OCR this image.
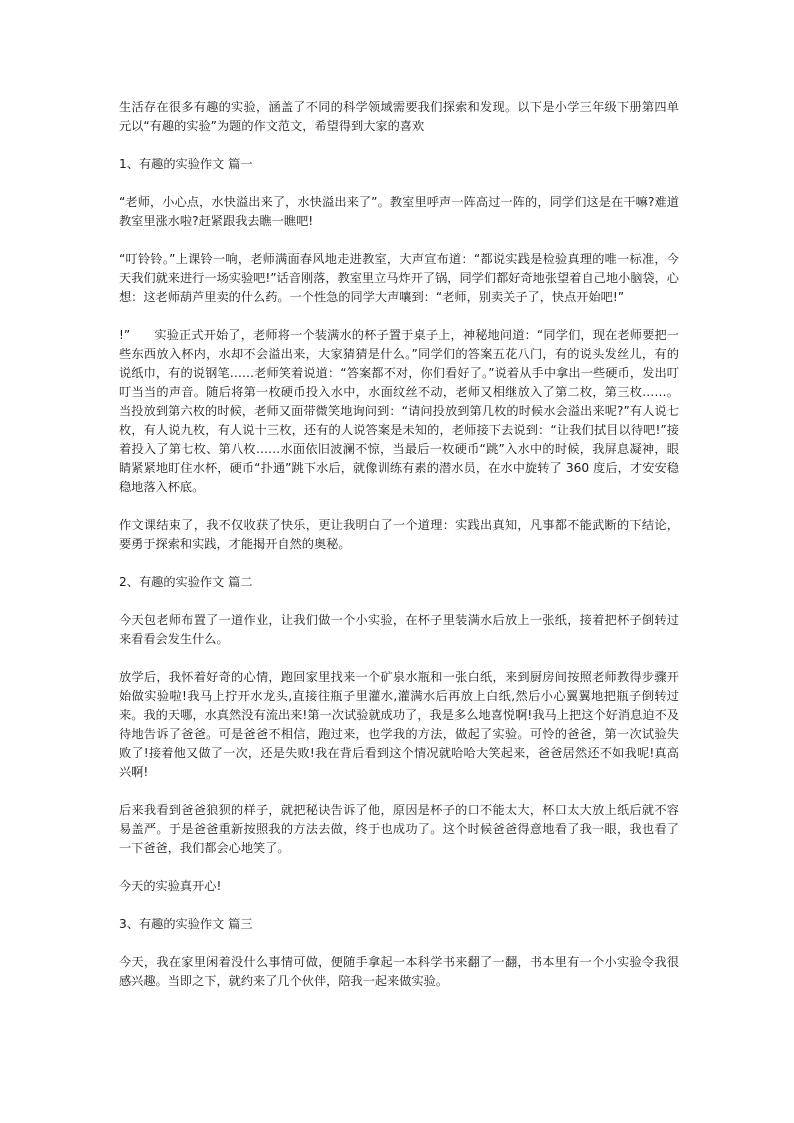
生活存在很多有趣的实验，涵盖了不同的科学领域需要我们探索和发现。以下是小学三年级下册第四单元以“有趣的实验”为题的作文范文，希望得到大家的喜欢

1、有趣的实验作文 篇一

“老师，小心点，水快溢出来了，水快溢出来了”。教室里呼声一阵高过一阵的，同学们这是在干嘛?难道教室里涨水啦?赶紧跟我去瞧一瞧吧!

“叮铃铃。”上课铃一响，老师满面春风地走进教室，大声宣布道：“都说实践是检验真理的唯一标准，今天我们就来进行一场实验吧!”话音刚落，教室里立马炸开了锅，同学们都好奇地张望着自己地小脑袋，心想：这老师葫芦里卖的什么药。一个性急的同学大声嚷到：“老师，别卖关子了，快点开始吧!”

!” 实验正式开始了，老师将一个装满水的杯子置于桌子上，神秘地问道：“同学们，现在老师要把一些东西放入杯内，水却不会溢出来，大家猜猜是什么。”同学们的答案五花八门，有的说头发丝儿，有的说纸巾，有的说钢笔……老师笑着说道：“答案都不对，你们看好了。”说着从手中拿出一些硬币，发出叮叮当当的声音。随后将第一枚硬币投入水中，水面纹丝不动，老师又相继放入了第二枚，第三枚……。当投放到第六枚的时候，老师又面带微笑地询问到：“请问投放到第几枚的时候水会溢出来呢?”有人说七枚，有人说九枚，有人说十三枚，还有的人说答案是未知的，老师接下去说到：“让我们拭目以待吧!”接着投入了第七枚、第八枚……水面依旧波澜不惊，当最后一枚硬币“跳”入水中的时候，我屏息凝神，眼睛紧紧地盯住水杯，硬币“扑通”跳下水后，就像训练有素的潜水员，在水中旋转了 360 度后，才安安稳稳地落入杯底。

作文课结束了，我不仅收获了快乐，更让我明白了一个道理：实践出真知，凡事都不能武断的下结论，要勇于探索和实践，才能揭开自然的奥秘。

2、有趣的实验作文 篇二

今天包老师布置了一道作业，让我们做一个小实验，在杯子里装满水后放上一张纸，接着把杯子倒转过来看看会发生什么。

放学后，我怀着好奇的心情，跑回家里找来一个矿泉水瓶和一张白纸，来到厨房间按照老师教得步骤开始做实验啦!我马上拧开水龙头,直接往瓶子里灌水,灌满水后再放上白纸,然后小心翼翼地把瓶子倒转过来。我的天哪，水真然没有流出来!第一次试验就成功了，我是多么地喜悦啊!我马上把这个好消息迫不及待地告诉了爸爸。可是爸爸不相信，跑过来，也学我的方法，做起了实验。可怜的爸爸，第一次试验失败了!接着他又做了一次，还是失败!我在背后看到这个情况就哈哈大笑起来，爸爸居然还不如我呢!真高兴啊!

后来我看到爸爸狼狈的样子，就把秘诀告诉了他，原因是杯子的口不能太大，杯口太大放上纸后就不容易盖严。于是爸爸重新按照我的方法去做，终于也成功了。这个时候爸爸得意地看了我一眼，我也看了一下爸爸，我们都会心地笑了。

今天的实验真开心!

3、有趣的实验作文 篇三

今天，我在家里闲着没什么事情可做，便随手拿起一本科学书来翻了一翻，书本里有一个小实验令我很感兴趣。当即之下，就约来了几个伙伴，陪我一起来做实验。
